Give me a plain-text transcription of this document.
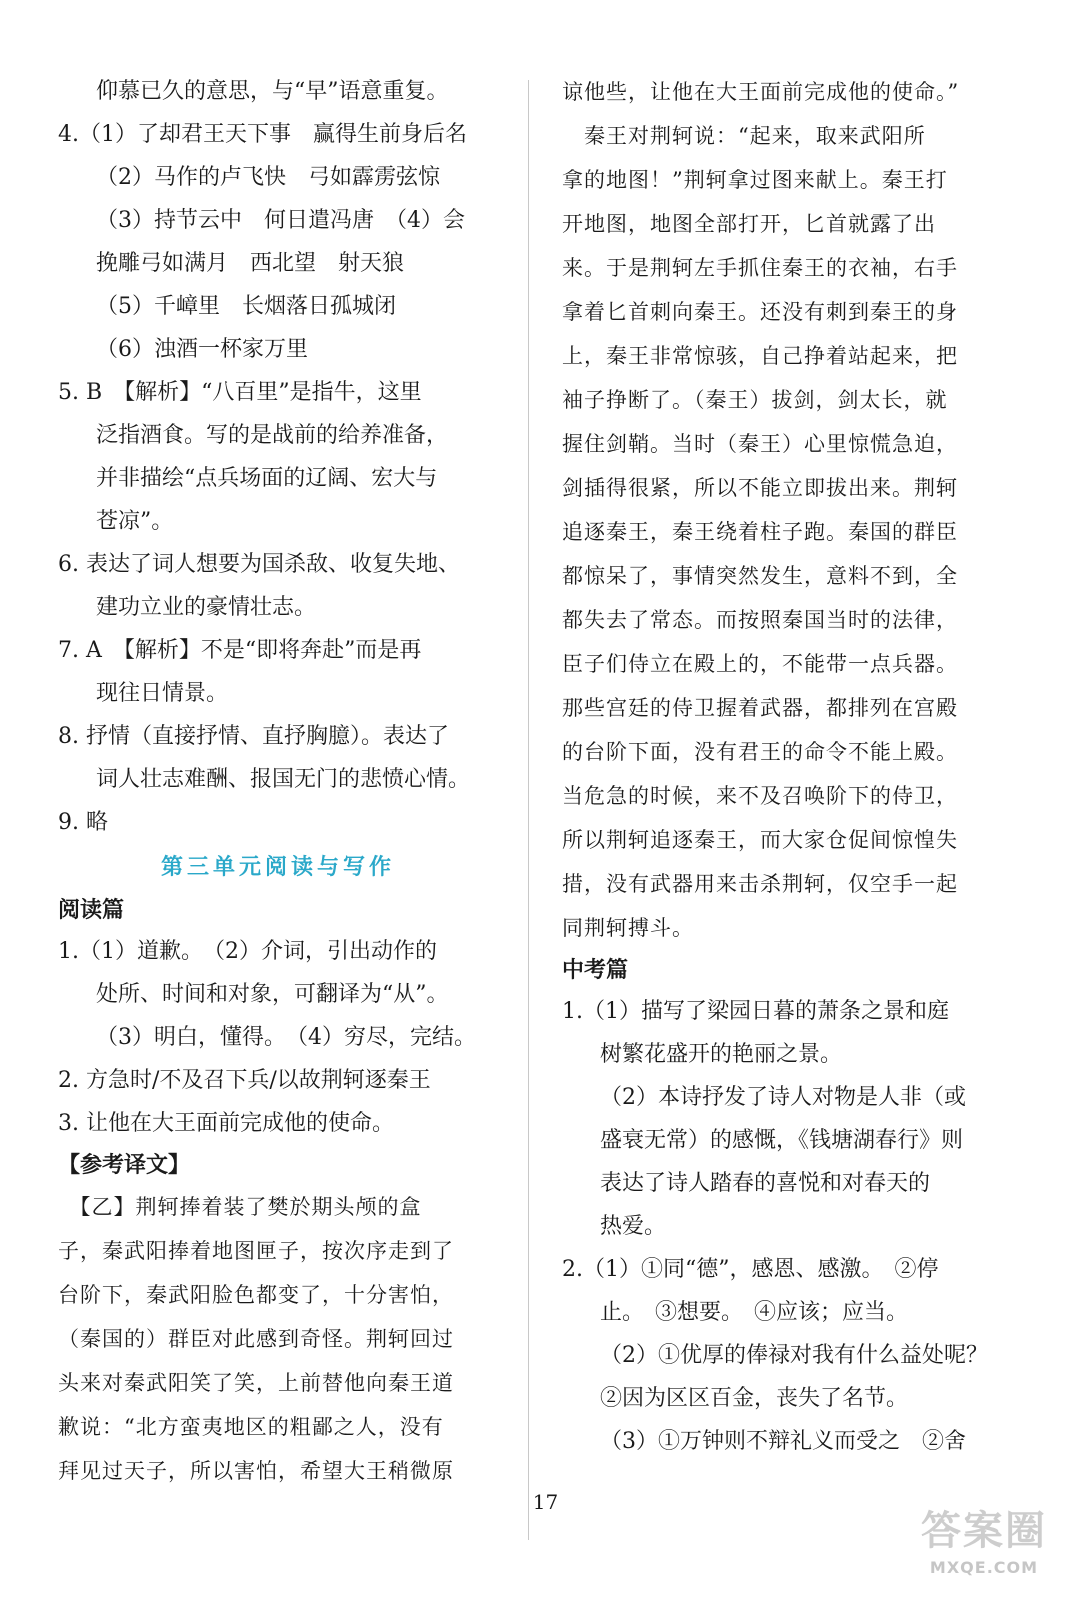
仰慕已久的意思，与“早”语意重复。
4.（1）了却君王天下事　赢得生前身后名
（2）马作的卢飞快　弓如霹雳弦惊
（3）持节云中　何日遣冯唐　（4）会
挽雕弓如满月　西北望　射天狼
（5）千嶂里　长烟落日孤城闭
（6）浊酒一杯家万里
5. B　【解析】“八百里”是指牛，这里
泛指酒食。写的是战前的给养准备，
并非描绘“点兵场面的辽阔、宏大与
苍凉”。
6. 表达了词人想要为国杀敌、收复失地、
建功立业的豪情壮志。
7. A　【解析】不是“即将奔赴”而是再
现往日情景。
8. 抒情（直接抒情、直抒胸臆）。表达了
词人壮志难酬、报国无门的悲愤心情。
9. 略
第三单元阅读与写作
阅读篇
1.（1）道歉。　（2）介词，引出动作的
处所、时间和对象，可翻译为“从”。
（3）明白，懂得。　（4）穷尽，完结。
2. 方急时/不及召下兵/以故荆轲逐秦王
3. 让他在大王面前完成他的使命。
【参考译文】
　【乙】荆轲捧着装了樊於期头颅的盒
子，秦武阳捧着地图匣子，按次序走到了
台阶下，秦武阳脸色都变了，十分害怕，
（秦国的）群臣对此感到奇怪。荆轲回过
头来对秦武阳笑了笑，上前替他向秦王道
歉说：“北方蛮夷地区的粗鄙之人，没有
拜见过天子，所以害怕，希望大王稍微原
谅他些，让他在大王面前完成他的使命。”
　秦王对荆轲说：“起来，取来武阳所
拿的地图！”荆轲拿过图来献上。秦王打
开地图，地图全部打开，匕首就露了出
来。于是荆轲左手抓住秦王的衣袖，右手
拿着匕首刺向秦王。还没有刺到秦王的身
上，秦王非常惊骇，自己挣着站起来，把
袖子挣断了。（秦王）拔剑，剑太长，就
握住剑鞘。当时（秦王）心里惊慌急迫，
剑插得很紧，所以不能立即拔出来。荆轲
追逐秦王，秦王绕着柱子跑。秦国的群臣
都惊呆了，事情突然发生，意料不到，全
都失去了常态。而按照秦国当时的法律，
臣子们侍立在殿上的，不能带一点兵器。
那些宫廷的侍卫握着武器，都排列在宫殿
的台阶下面，没有君王的命令不能上殿。
当危急的时候，来不及召唤阶下的侍卫，
所以荆轲追逐秦王，而大家仓促间惊惶失
措，没有武器用来击杀荆轲，仅空手一起
同荆轲搏斗。
中考篇
1.（1）描写了梁园日暮的萧条之景和庭
树繁花盛开的艳丽之景。
（2）本诗抒发了诗人对物是人非（或
盛衰无常）的感慨，《钱塘湖春行》则
表达了诗人踏春的喜悦和对春天的
热爱。
2.（1）①同“德”，感恩、感激。　②停
止。　③想要。　④应该；应当。
（2）①优厚的俸禄对我有什么益处呢？
②因为区区百金，丧失了名节。
（3）①万钟则不辩礼义而受之　②舍
17
答案圈
MXQE.COM
